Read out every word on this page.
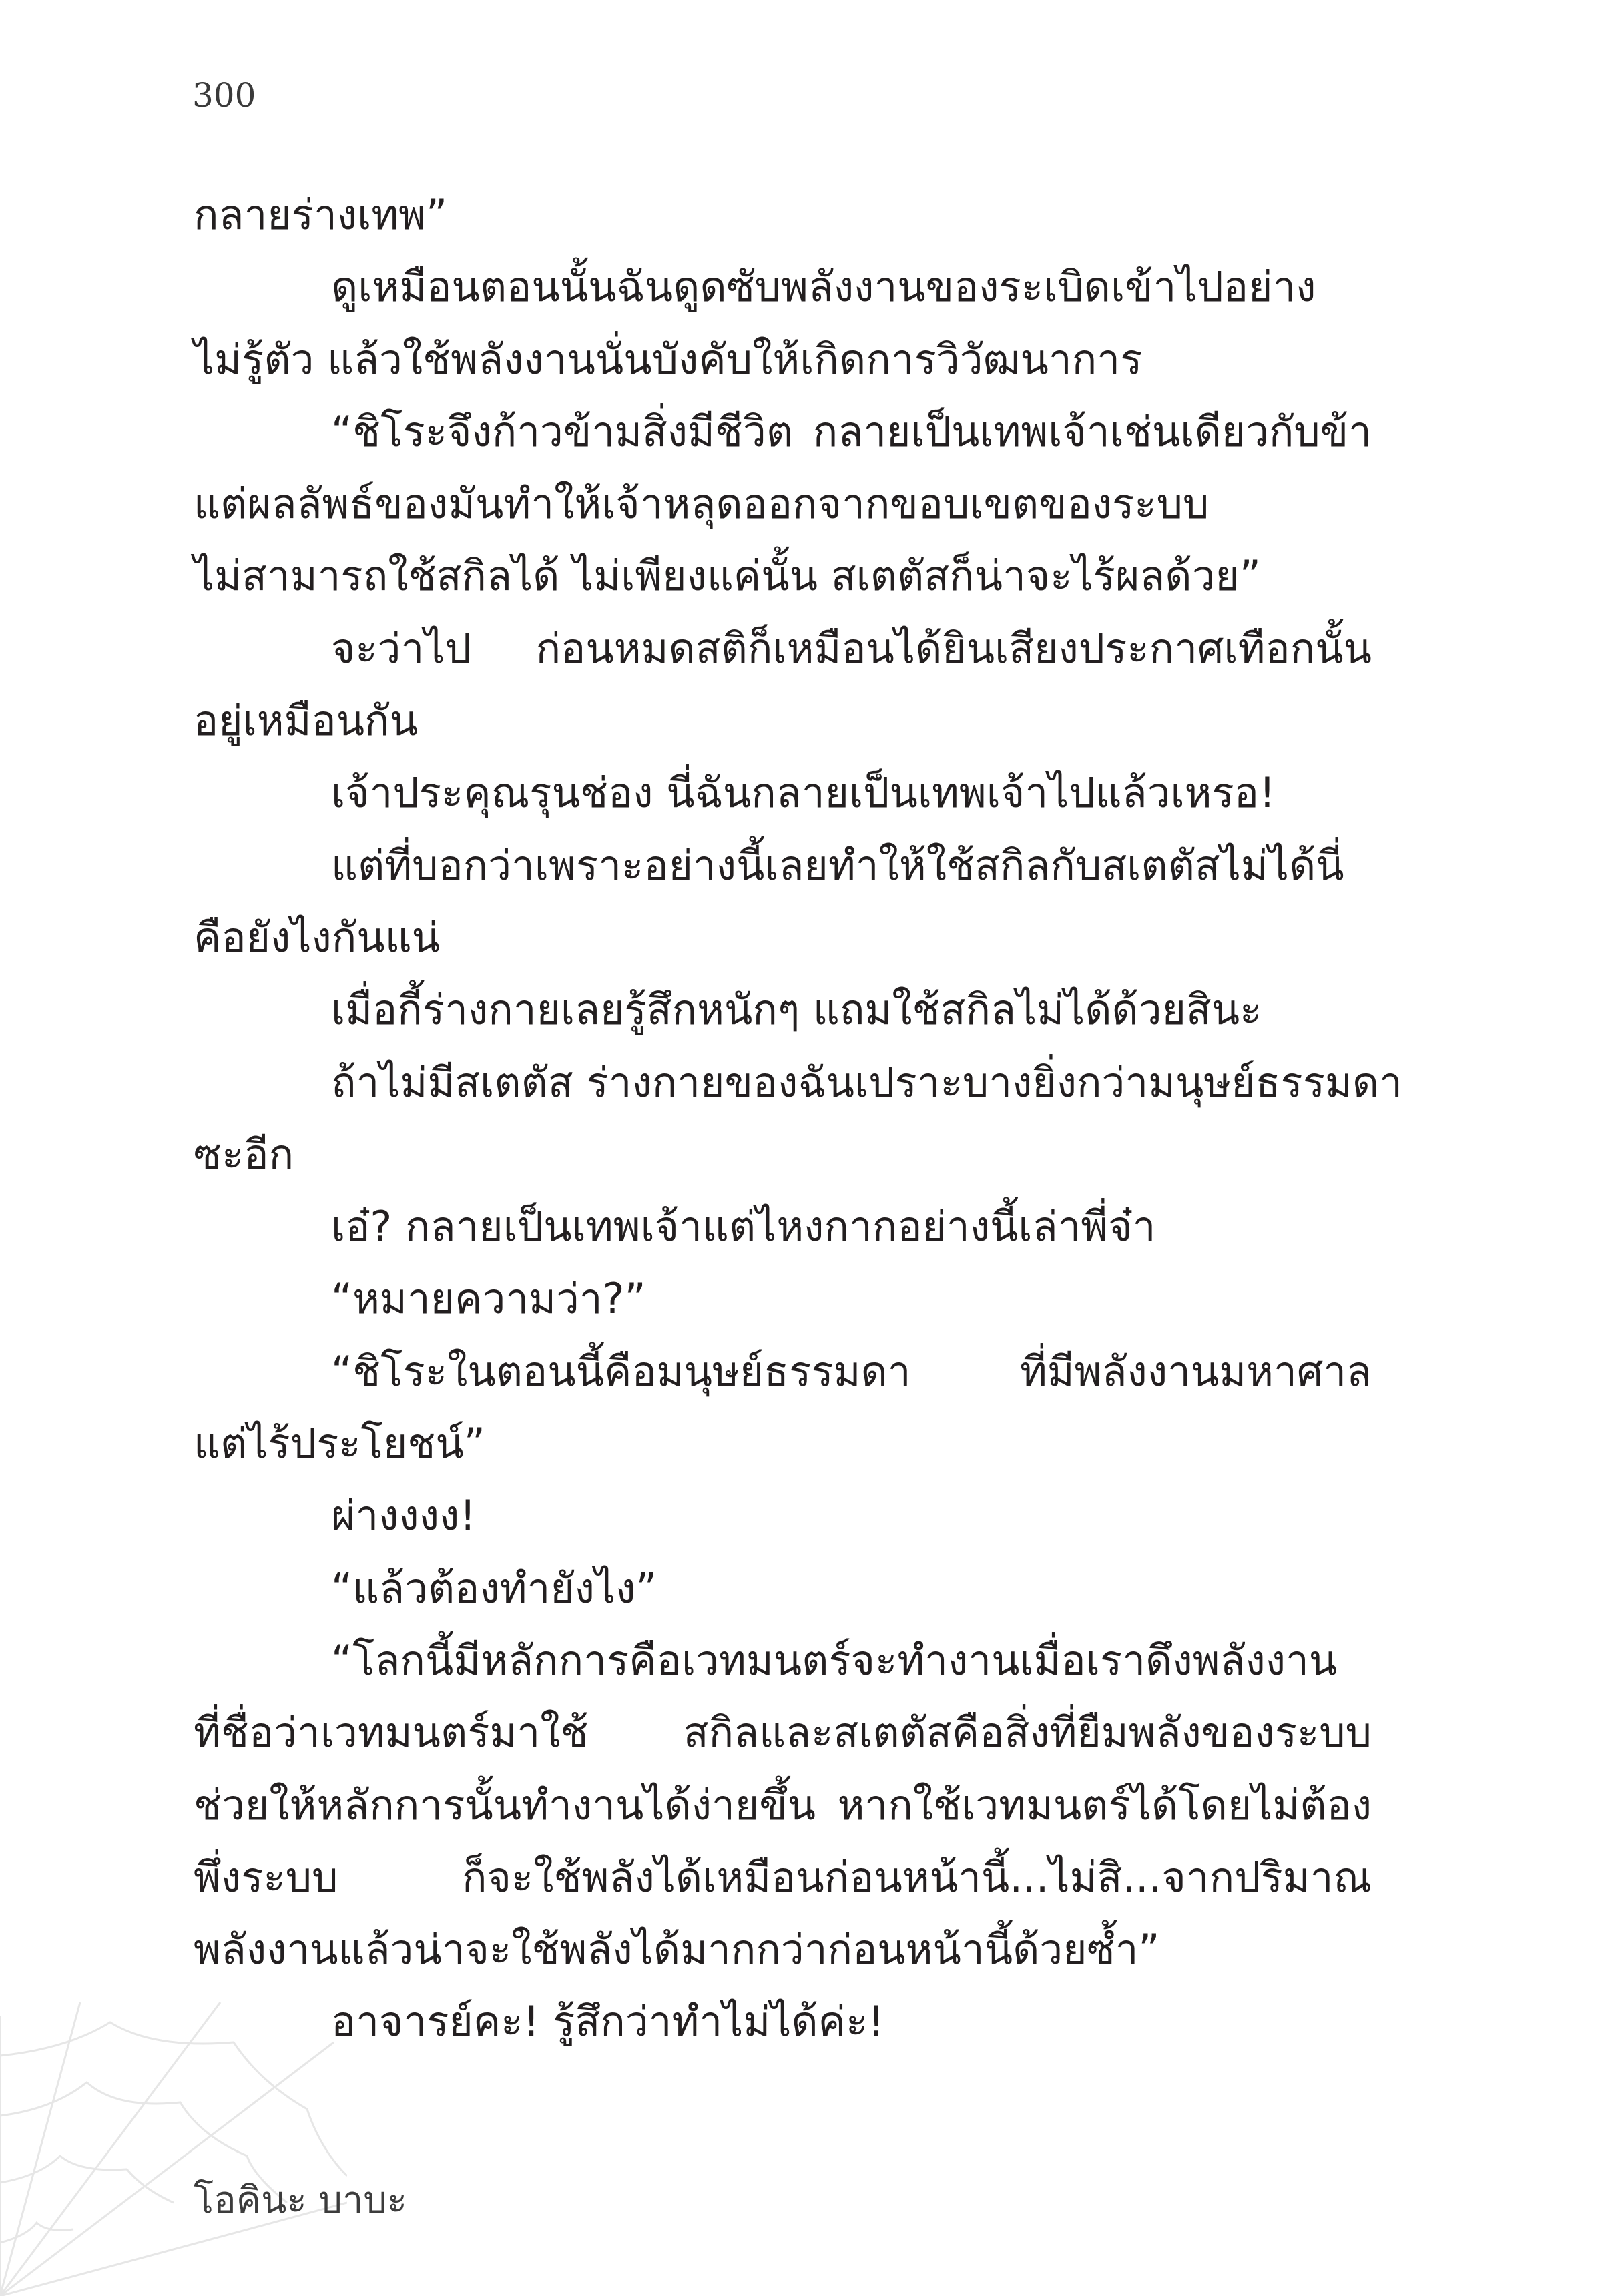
300
กลายร่างเทพ”
ดูเหมือนตอนนั้นฉันดูดซับพลังงานของระเบิดเข้าไปอย่าง
ไม่รู้ตัว แล้วใช้พลังงานนั่นบังคับให้เกิดการวิวัฒนาการ
“ชิโระจึงก้าวข้ามสิ่งมีชีวิต กลายเป็นเทพเจ้าเช่นเดียวกับข้า
แต่ผลลัพธ์ของมันทำให้เจ้าหลุดออกจากขอบเขตของระบบ
ไม่สามารถใช้สกิลได้ ไม่เพียงแค่นั้น สเตตัสก็น่าจะไร้ผลด้วย”
จะว่าไป ก่อนหมดสติก็เหมือนได้ยินเสียงประกาศเทือกนั้น
อยู่เหมือนกัน
เจ้าประคุณรุนช่อง นี่ฉันกลายเป็นเทพเจ้าไปแล้วเหรอ!
แต่ที่บอกว่าเพราะอย่างนี้เลยทำให้ใช้สกิลกับสเตตัสไม่ได้นี่
คือยังไงกันแน่
เมื่อกี้ร่างกายเลยรู้สึกหนักๆ แถมใช้สกิลไม่ได้ด้วยสินะ
ถ้าไม่มีสเตตัส ร่างกายของฉันเปราะบางยิ่งกว่ามนุษย์ธรรมดา
ซะอีก
เอ๋? กลายเป็นเทพเจ้าแต่ไหงกากอย่างนี้เล่าพี่จ๋า
“หมายความว่า?”
“ชิโระในตอนนี้คือมนุษย์ธรรมดา ที่มีพลังงานมหาศาล
แต่ไร้ประโยชน์”
ผ่างงงง!
“แล้วต้องทำยังไง”
“โลกนี้มีหลักการคือเวทมนตร์จะทำงานเมื่อเราดึงพลังงาน
ที่ชื่อว่าเวทมนตร์มาใช้ สกิลและสเตตัสคือสิ่งที่ยืมพลังของระบบ
ช่วยให้หลักการนั้นทำงานได้ง่ายขึ้น หากใช้เวทมนตร์ได้โดยไม่ต้อง
พึ่งระบบ ก็จะใช้พลังได้เหมือนก่อนหน้านี้...ไม่สิ...จากปริมาณ
พลังงานแล้วน่าจะใช้พลังได้มากกว่าก่อนหน้านี้ด้วยซ้ำ”
อาจารย์คะ! รู้สึกว่าทำไม่ได้ค่ะ!
โอคินะ บาบะ
